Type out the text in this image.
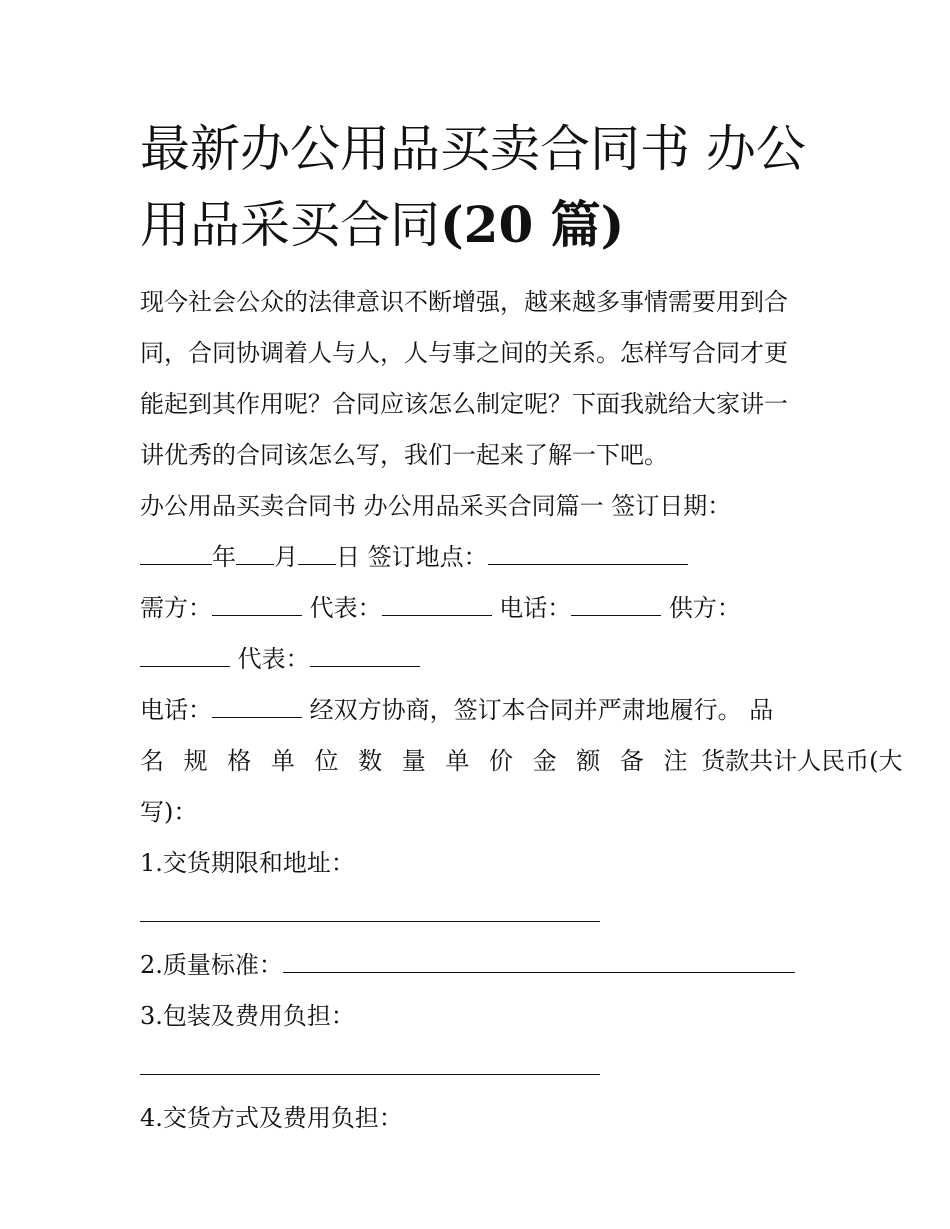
最新办公用品买卖合同书 办公
用品采买合同(20 篇)
现今社会公众的法律意识不断增强，越来越多事情需要用到合
同，合同协调着人与人，人与事之间的关系。怎样写合同才更
能起到其作用呢？合同应该怎么制定呢？下面我就给大家讲一
讲优秀的合同该怎么写，我们一起来了解一下吧。
办公用品买卖合同书 办公用品采买合同篇一 签订日期：
年 月 日 签订地点：
需方：	代表：	电话：	供方：
代表：
电话：	经双方协商，签订本合同并严肃地履行。 品
名 规 格 单 位 数 量 单 价 金 额 备 注 货款共计人民币(大
写)：
1.交货期限和地址：
2.质量标准：
3.包装及费用负担：
4.交货方式及费用负担：
